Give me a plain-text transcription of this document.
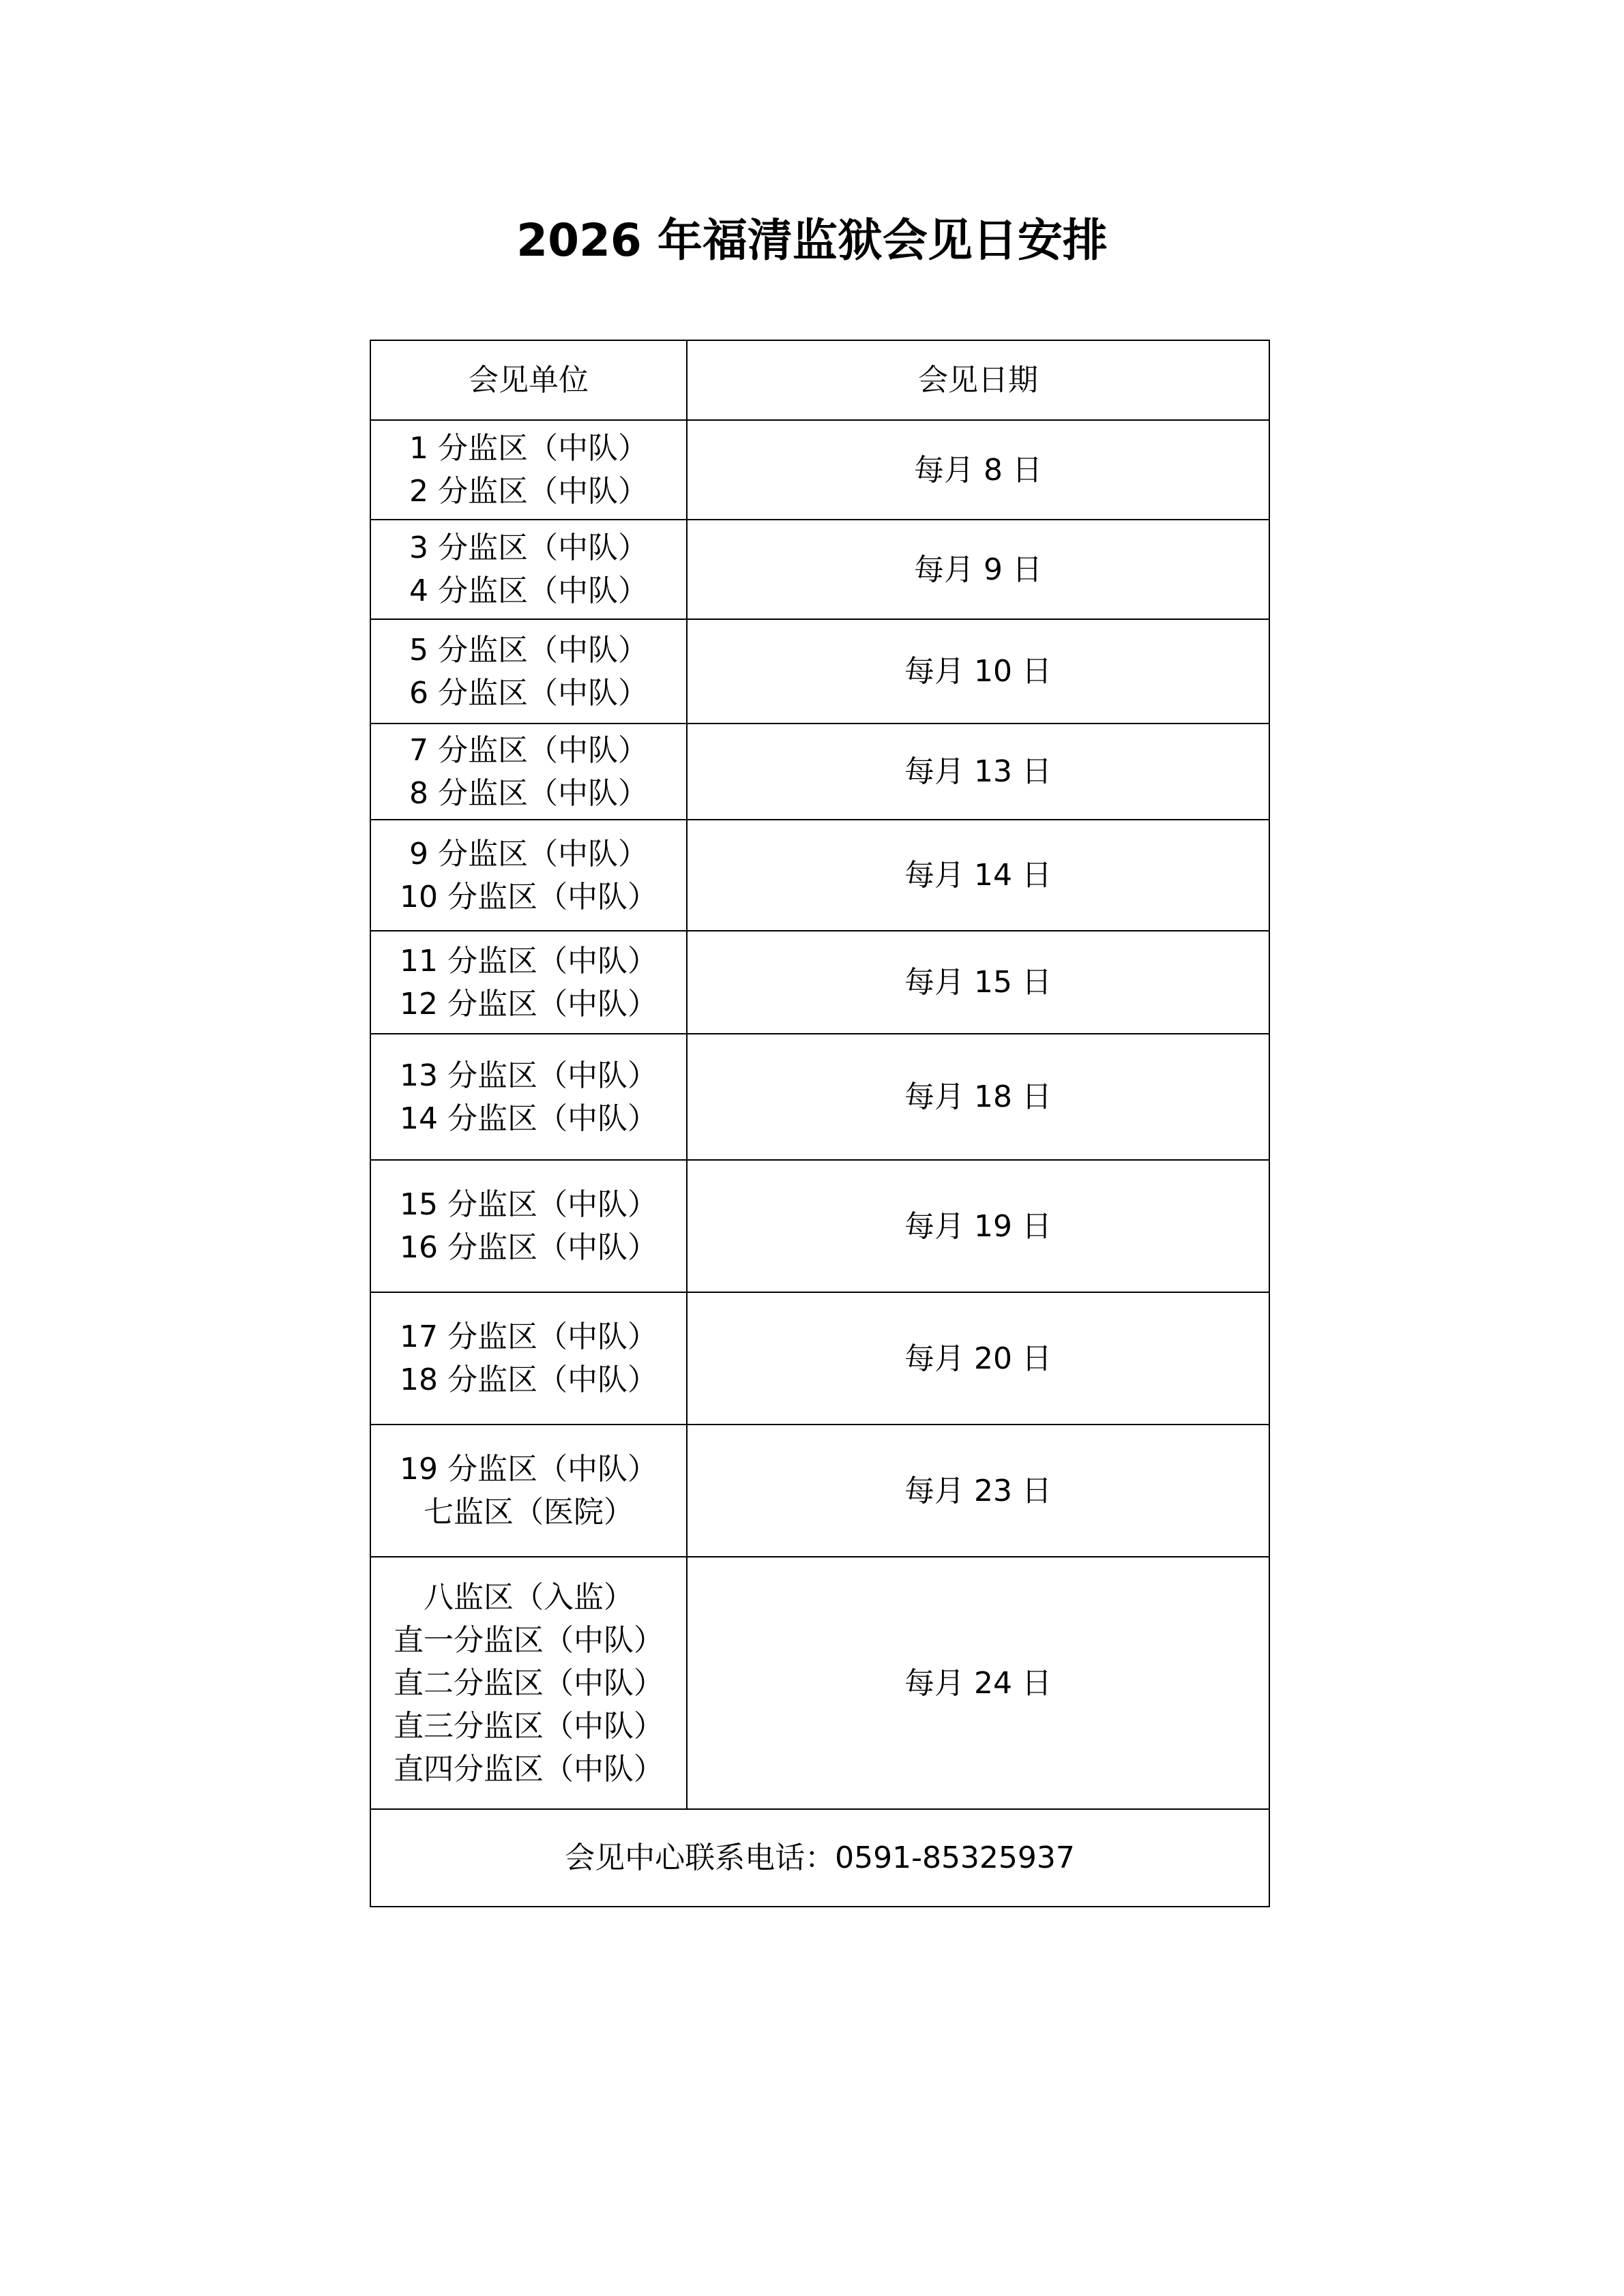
2026 年福清监狱会见日安排
会见单位	会见日期

1 分监区（中队）
2 分监区（中队）	每月 8 日

3 分监区（中队）
4 分监区（中队）	每月 9 日

5 分监区（中队）
6 分监区（中队）	每月 10 日

7 分监区（中队）
8 分监区（中队）	每月 13 日

9 分监区（中队）
10 分监区（中队）	每月 14 日

11 分监区（中队）
12 分监区（中队）	每月 15 日

13 分监区（中队）
14 分监区（中队）	每月 18 日

15 分监区（中队）
16 分监区（中队）	每月 19 日

17 分监区（中队）
18 分监区（中队）	每月 20 日

19 分监区（中队）
七监区（医院）	每月 23 日

八监区（入监）
直一分监区（中队）
直二分监区（中队）
直三分监区（中队）
直四分监区（中队）	每月 24 日
会见中心联系电话：0591-85325937	
